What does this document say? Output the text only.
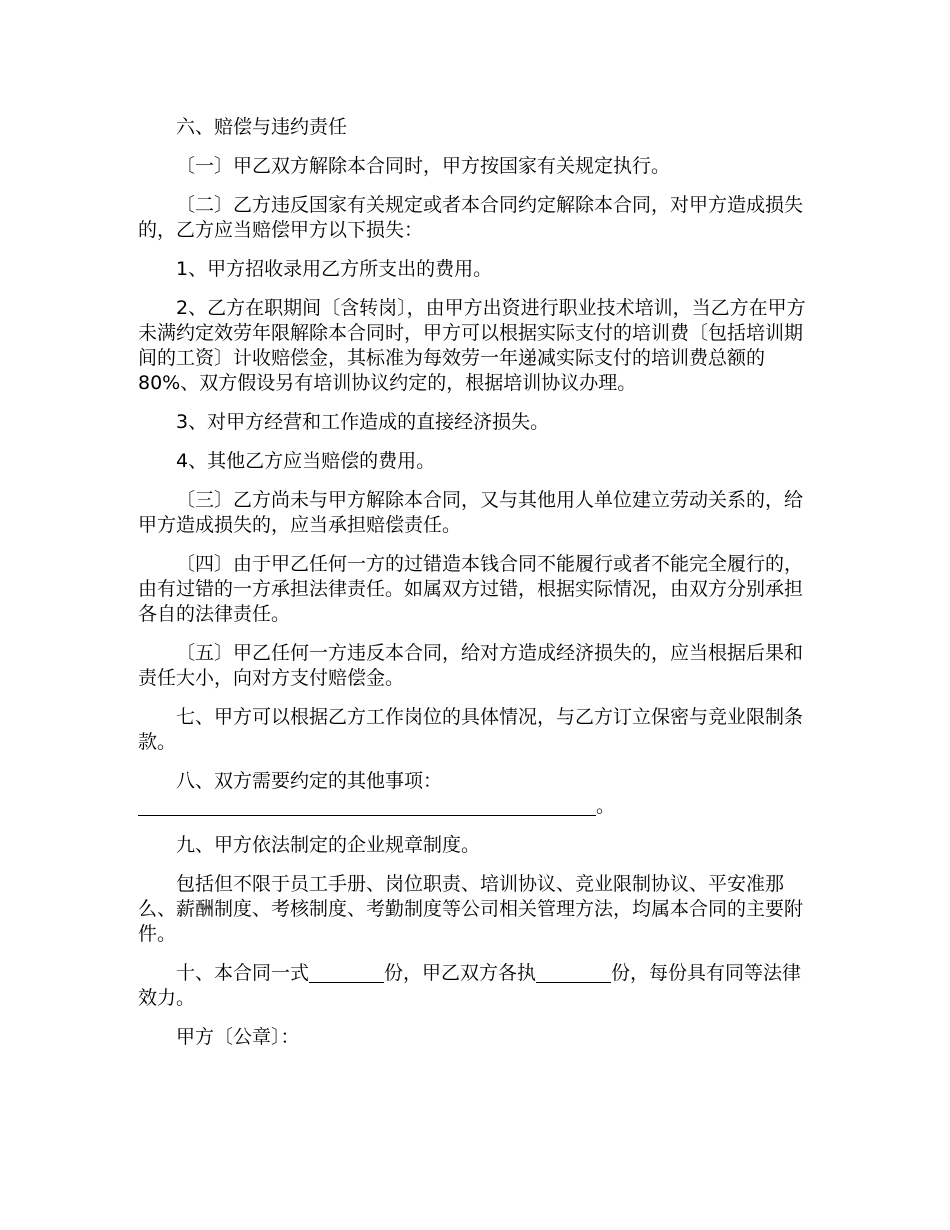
六、赔偿与违约责任

〔一〕甲乙双方解除本合同时，甲方按国家有关规定执行。

〔二〕乙方违反国家有关规定或者本合同约定解除本合同，对甲方造成损失的，乙方应当赔偿甲方以下损失：

1、甲方招收录用乙方所支出的费用。

2、乙方在职期间〔含转岗〕，由甲方出资进行职业技术培训，当乙方在甲方未满约定效劳年限解除本合同时，甲方可以根据实际支付的培训费〔包括培训期间的工资〕计收赔偿金，其标准为每效劳一年递减实际支付的培训费总额的80%、双方假设另有培训协议约定的，根据培训协议办理。

3、对甲方经营和工作造成的直接经济损失。

4、其他乙方应当赔偿的费用。

〔三〕乙方尚未与甲方解除本合同，又与其他用人单位建立劳动关系的，给甲方造成损失的，应当承担赔偿责任。

〔四〕由于甲乙任何一方的过错造本钱合同不能履行或者不能完全履行的，由有过错的一方承担法律责任。如属双方过错，根据实际情况，由双方分别承担各自的法律责任。

〔五〕甲乙任何一方违反本合同，给对方造成经济损失的，应当根据后果和责任大小，向对方支付赔偿金。

七、甲方可以根据乙方工作岗位的具体情况，与乙方订立保密与竞业限制条款。

八、双方需要约定的其他事项：

。

九、甲方依法制定的企业规章制度。

包括但不限于员工手册、岗位职责、培训协议、竞业限制协议、平安准那么、薪酬制度、考核制度、考勤制度等公司相关管理方法，均属本合同的主要附件。

十、本合同一式	份，甲乙双方各执	份，每份具有同等法律效力。

甲方〔公章〕：
